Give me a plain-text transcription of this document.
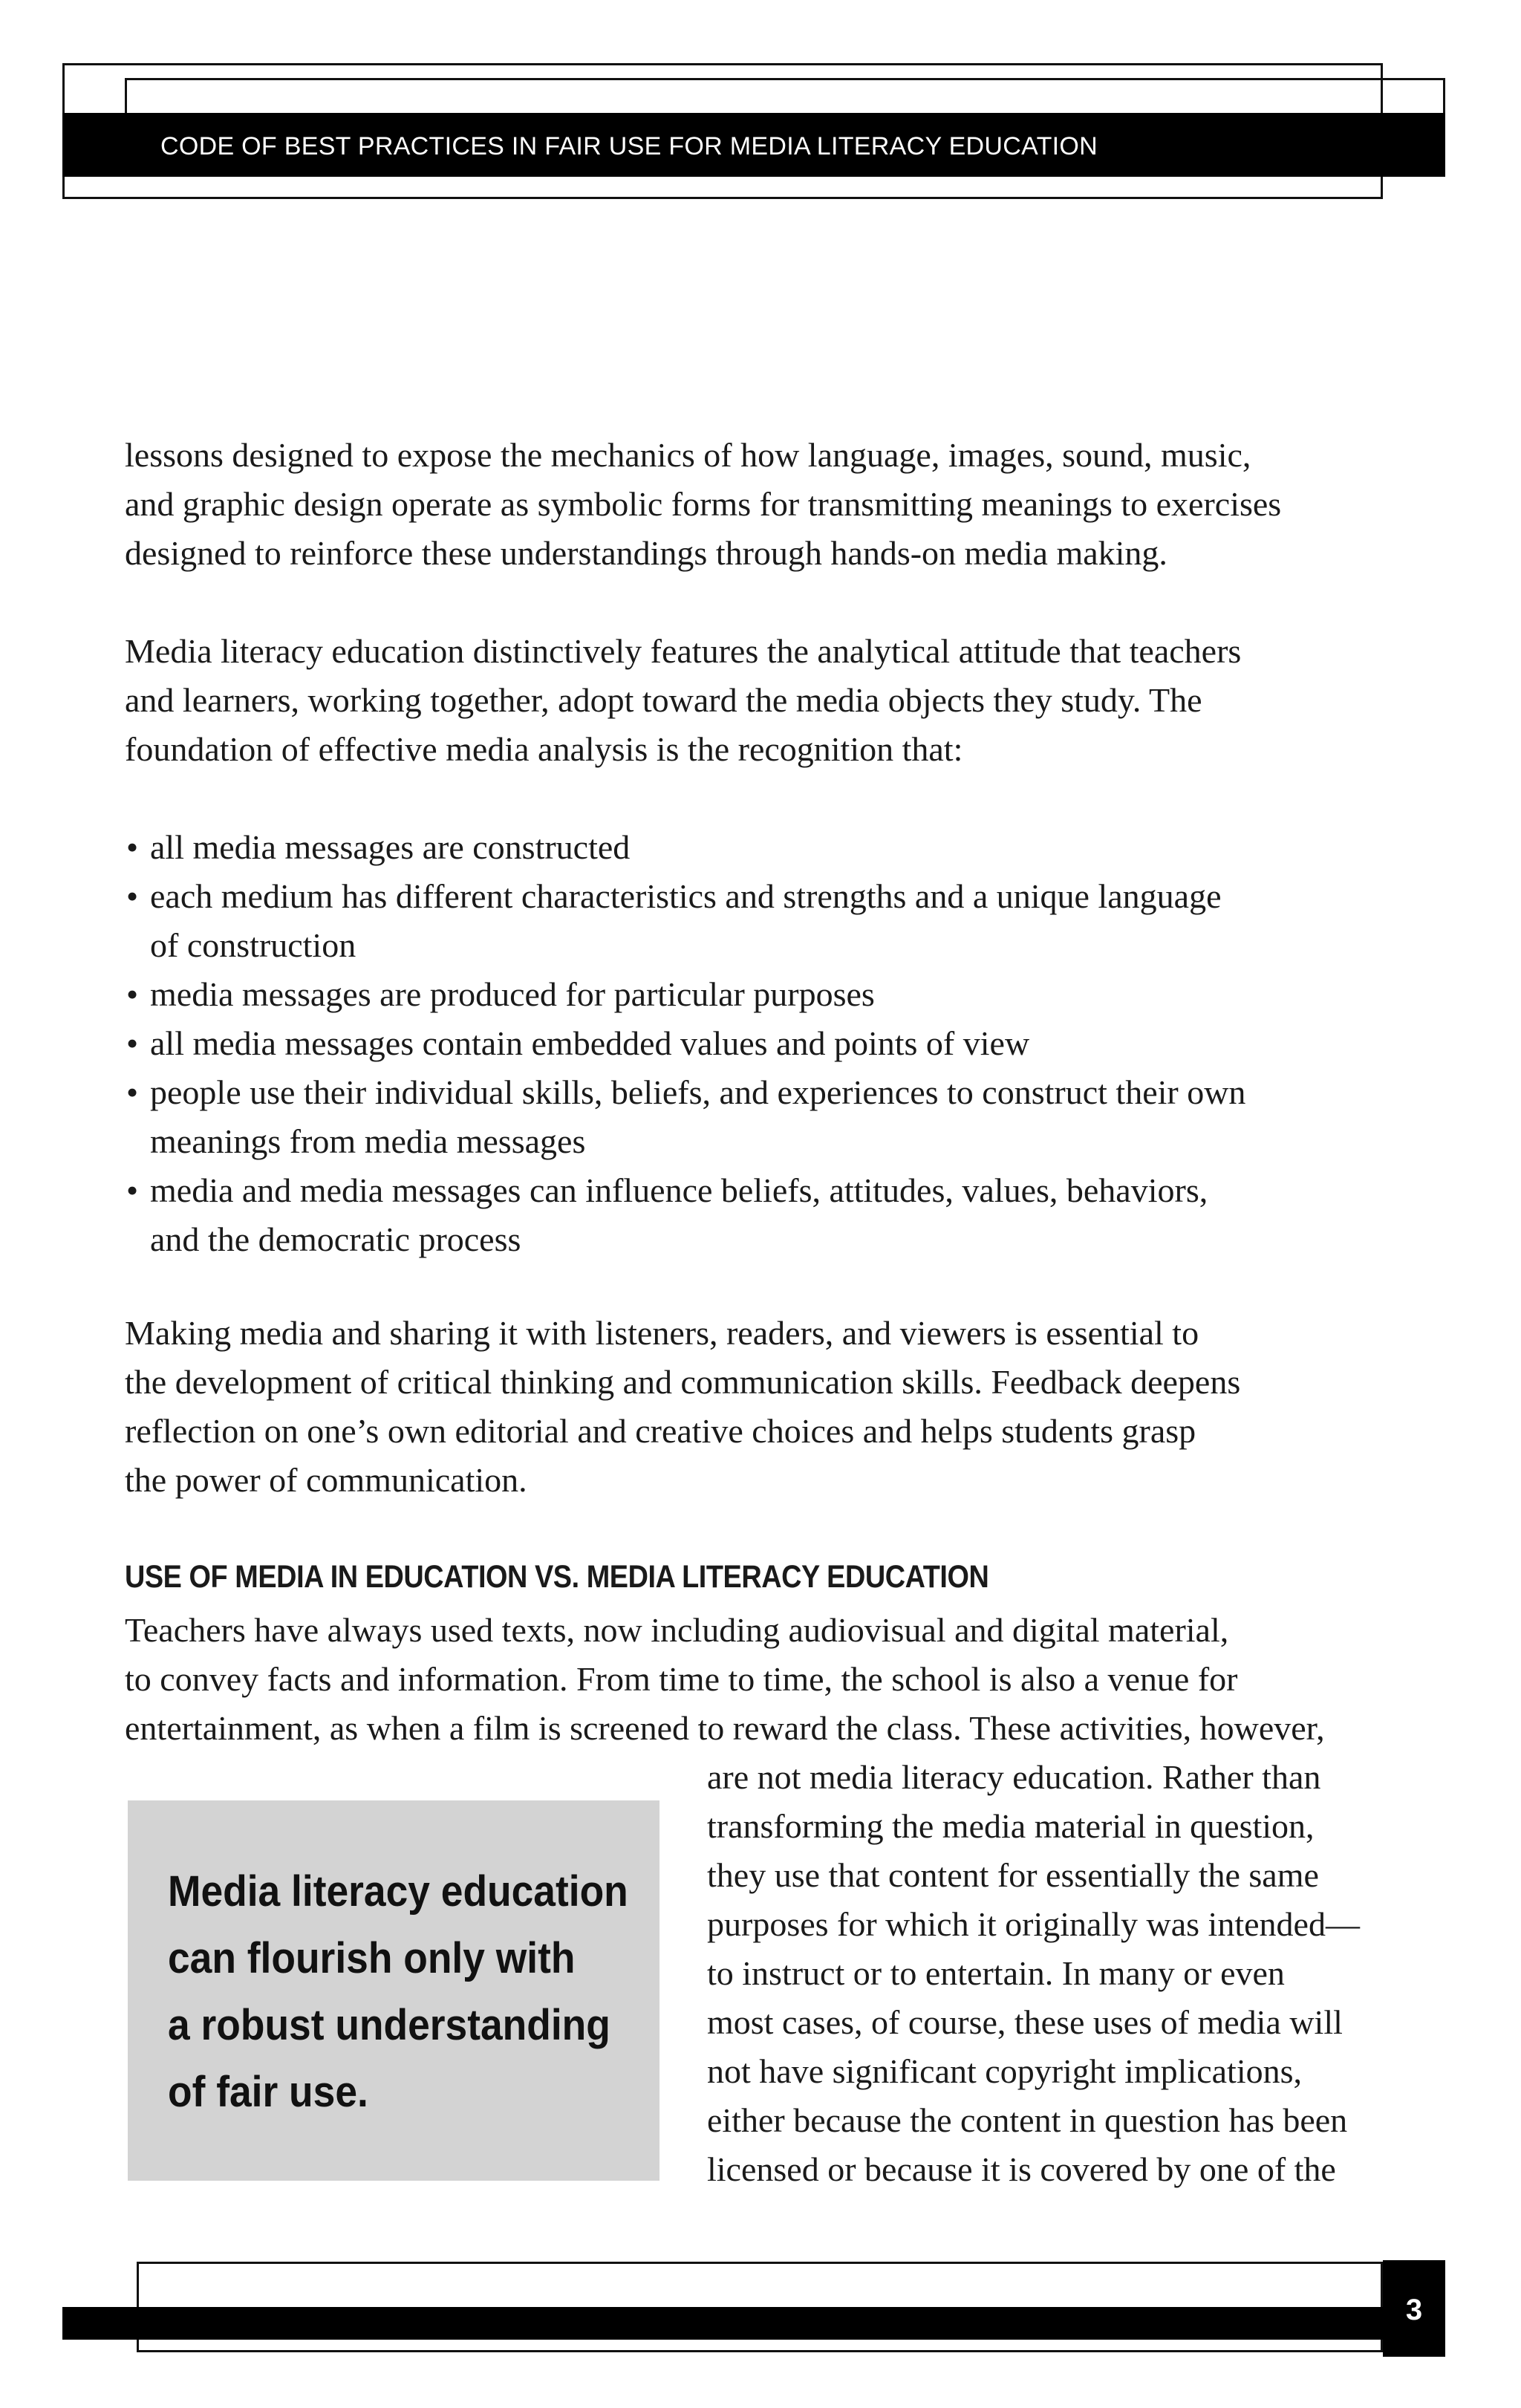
CODE OF BEST PRACTICES IN FAIR USE FOR MEDIA LITERACY EDUCATION

lessons designed to expose the mechanics of how language, images, sound, music,
and graphic design operate as symbolic forms for transmitting meanings to exercises
designed to reinforce these understandings through hands-on media making.

Media literacy education distinctively features the analytical attitude that teachers
and learners, working together, adopt toward the media objects they study. The
foundation of effective media analysis is the recognition that:

• all media messages are constructed
• each medium has different characteristics and strengths and a unique language
of construction
• media messages are produced for particular purposes
• all media messages contain embedded values and points of view
• people use their individual skills, beliefs, and experiences to construct their own
meanings from media messages
• media and media messages can influence beliefs, attitudes, values, behaviors,
and the democratic process

Making media and sharing it with listeners, readers, and viewers is essential to
the development of critical thinking and communication skills. Feedback deepens
reflection on one’s own editorial and creative choices and helps students grasp
the power of communication.

USE OF MEDIA IN EDUCATION VS. MEDIA LITERACY EDUCATION

Teachers have always used texts, now including audiovisual and digital material,
to convey facts and information. From time to time, the school is also a venue for
entertainment, as when a film is screened to reward the class. These activities, however,

are not media literacy education. Rather than
transforming the media material in question,
they use that content for essentially the same
purposes for which it originally was intended—
to instruct or to entertain. In many or even
most cases, of course, these uses of media will
not have significant copyright implications,
either because the content in question has been
licensed or because it is covered by one of the

Media literacy education
can flourish only with
a robust understanding
of fair use.

3
